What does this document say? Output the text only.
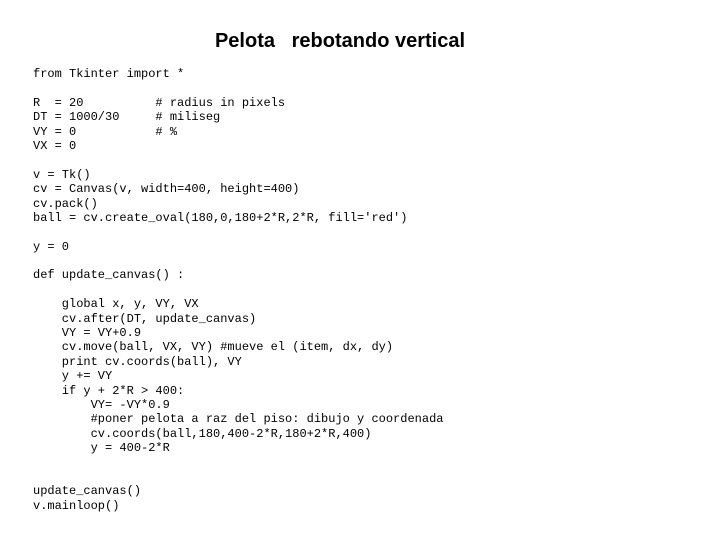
Pelota   rebotando vertical
from Tkinter import *
R  = 20          # radius in pixels
DT = 1000/30     # miliseg
VY = 0           # %
VX = 0
v = Tk()
cv = Canvas(v, width=400, height=400)
cv.pack()
ball = cv.create_oval(180,0,180+2*R,2*R, fill='red')
y = 0
def update_canvas() :
global x, y, VY, VX
cv.after(DT, update_canvas)
VY = VY+0.9
cv.move(ball, VX, VY) #mueve el (item, dx, dy)
print cv.coords(ball), VY
y += VY
if y + 2*R > 400:
VY= -VY*0.9
#poner pelota a raz del piso: dibujo y coordenada
cv.coords(ball,180,400-2*R,180+2*R,400)
y = 400-2*R
update_canvas()
v.mainloop()
